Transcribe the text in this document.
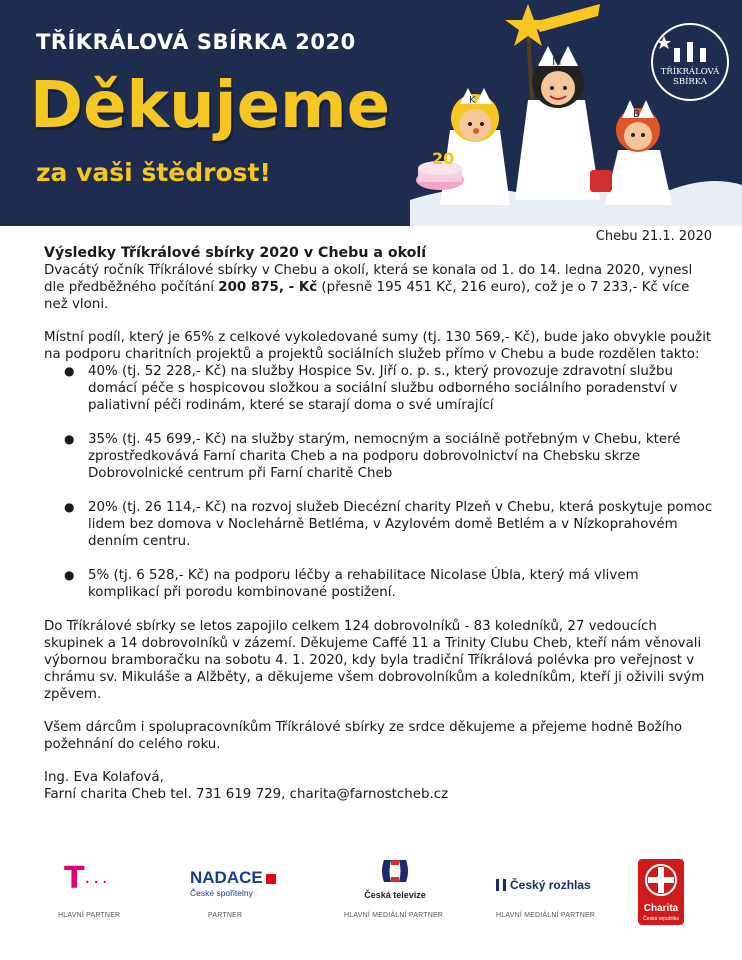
20
K
M
B
TŘÍKRÁLOVÁ SBÍRKA 2020
Děkujeme
za vaši štědrost!
TŘÍKRÁLOVÁ
SBÍRKA
Chebu 21.1. 2020
Výsledky Tříkrálové sbírky 2020 v Chebu a okolí

Dvacátý ročník Tříkrálové sbírky v Chebu a okolí, která se konala od 1. do 14. ledna 2020, vynesl dle předběžného počítání 200 875, - Kč (přesně 195 451 Kč, 216 euro), což je o 7 233,- Kč více než vloni.

Místní podíl, který je 65% z celkové vykoledované sumy (tj. 130 569,- Kč), bude jako obvykle použit na podporu charitních projektů a projektů sociálních služeb přímo v Chebu a bude rozdělen takto:

● 40% (tj. 52 228,- Kč) na služby Hospice Sv. Jiří o. p. s., který provozuje zdravotní službu domácí péče s hospicovou složkou a sociální službu odborného sociálního poradenství v paliativní péči rodinám, které se starají doma o své umírající
● 35% (tj. 45 699,- Kč) na služby starým, nemocným a sociálně potřebným v Chebu, které zprostředkovává Farní charita Cheb a na podporu dobrovolnictví na Chebsku skrze Dobrovolnické centrum při Farní charitě Cheb
● 20% (tj. 26 114,- Kč) na rozvoj služeb Diecézní charity Plzeň v Chebu, která poskytuje pomoc lidem bez domova v Noclehárně Betléma, v Azylovém domě Betlém a v Nízkoprahovém denním centru.
● 5% (tj. 6 528,- Kč) na podporu léčby a rehabilitace Nicolase Úbla, který má vlivem komplikací při porodu kombinované postižení.

Do Tříkrálové sbírky se letos zapojilo celkem 124 dobrovolníků - 83 koledníků, 27 vedoucích skupinek a 14 dobrovolníků v zázemí. Děkujeme Caffé 11 a Trinity Clubu Cheb, kteří nám věnovali výbornou bramboračku na sobotu 4. 1. 2020, kdy byla tradiční Tříkrálová polévka pro veřejnost v chrámu sv. Mikuláše a Alžběty, a děkujeme všem dobrovolníkům a koledníkům, kteří ji oživili svým zpěvem.

Všem dárcům i spolupracovníkům Tříkrálové sbírky ze srdce děkujeme a přejeme hodně Božího požehnání do celého roku.

Ing. Eva Kolafová,

Farní charita Cheb tel. 731 619 729, charita@farnostcheb.cz

T···
HLAVNÍ PARTNER
NADACE
České spořitelny
PARTNER
Česká televize
HLAVNÍ MEDIÁLNÍ PARTNER
Český rozhlas
HLAVNÍ MEDIÁLNÍ PARTNER
Charita
Česká republika
